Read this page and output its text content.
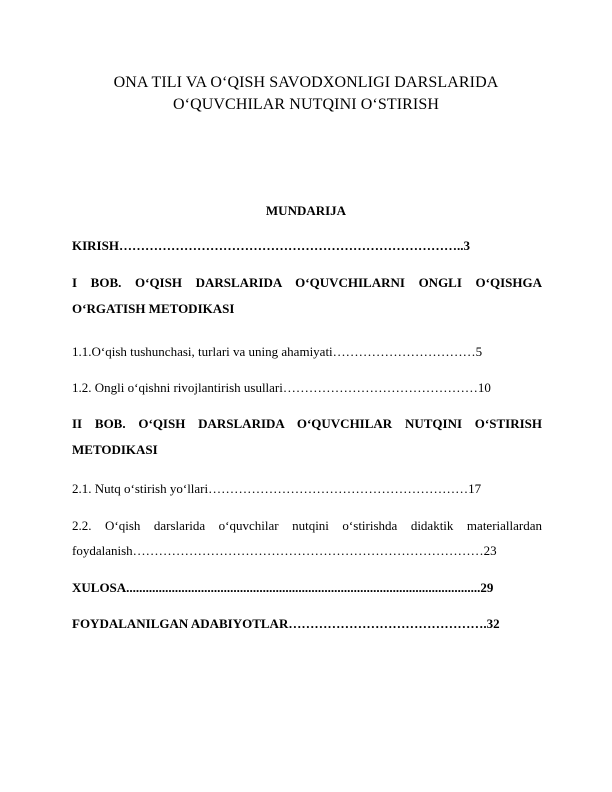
ONA TILI VA O‘QISH SAVODXONLIGI DARSLARIDA
O‘QUVCHILAR NUTQINI O‘STIRISH
MUNDARIJA
KIRISH……………………………………………………………………..3
I BOB. O‘QISH DARSLARIDA O‘QUVCHILARNI ONGLI O‘QISHGA
O‘RGATISH METODIKASI
1.1.O‘qish tushunchasi, turlari va uning ahamiyati……………………………5
1.2. Ongli o‘qishni rivojlantirish usullari………………………………………10
II BOB. O‘QISH DARSLARIDA O‘QUVCHILAR NUTQINI O‘STIRISH
METODIKASI
2.1. Nutq o‘stirish yo‘llari……………………………………………………17
2.2. O‘qish darslarida o‘quvchilar nutqini o‘stirishda didaktik materiallardan
foydalanish………………………………………………………………………23
XULOSA.............................................................................................................29
FOYDALANILGAN ADABIYOTLAR……………………………………….32
